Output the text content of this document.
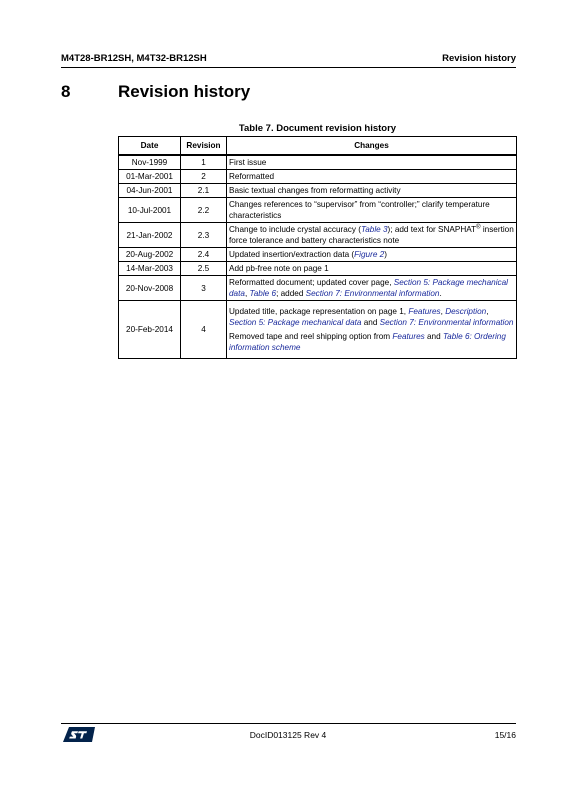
M4T28-BR12SH, M4T32-BR12SH	Revision history
8	Revision history
Table 7. Document revision history
Date	Revision	Changes
Nov-1999	1	First issue

01-Mar-2001	2	Reformatted

04-Jun-2001	2.1	Basic textual changes from reformatting activity

10-Jul-2001	2.2	Changes references to “supervisor” from “controller;” clarify temperature characteristics

21-Jan-2002	2.3	Change to include crystal accuracy (Table 3); add text for SNAPHAT® insertion force tolerance and battery characteristics note

20-Aug-2002	2.4	Updated insertion/extraction data (Figure 2)

14-Mar-2003	2.5	Add pb-free note on page 1

20-Nov-2008	3	Reformatted document; updated cover page, Section 5: Package mechanical data, Table 6; added Section 7: Environmental information.

20-Feb-2014	4	Updated title, package representation on page 1, Features, Description, Section 5: Package mechanical data and Section 7: Environmental information
Removed tape and reel shipping option from Features and Table 6: Ordering information scheme
DocID013125 Rev 4	15/16
